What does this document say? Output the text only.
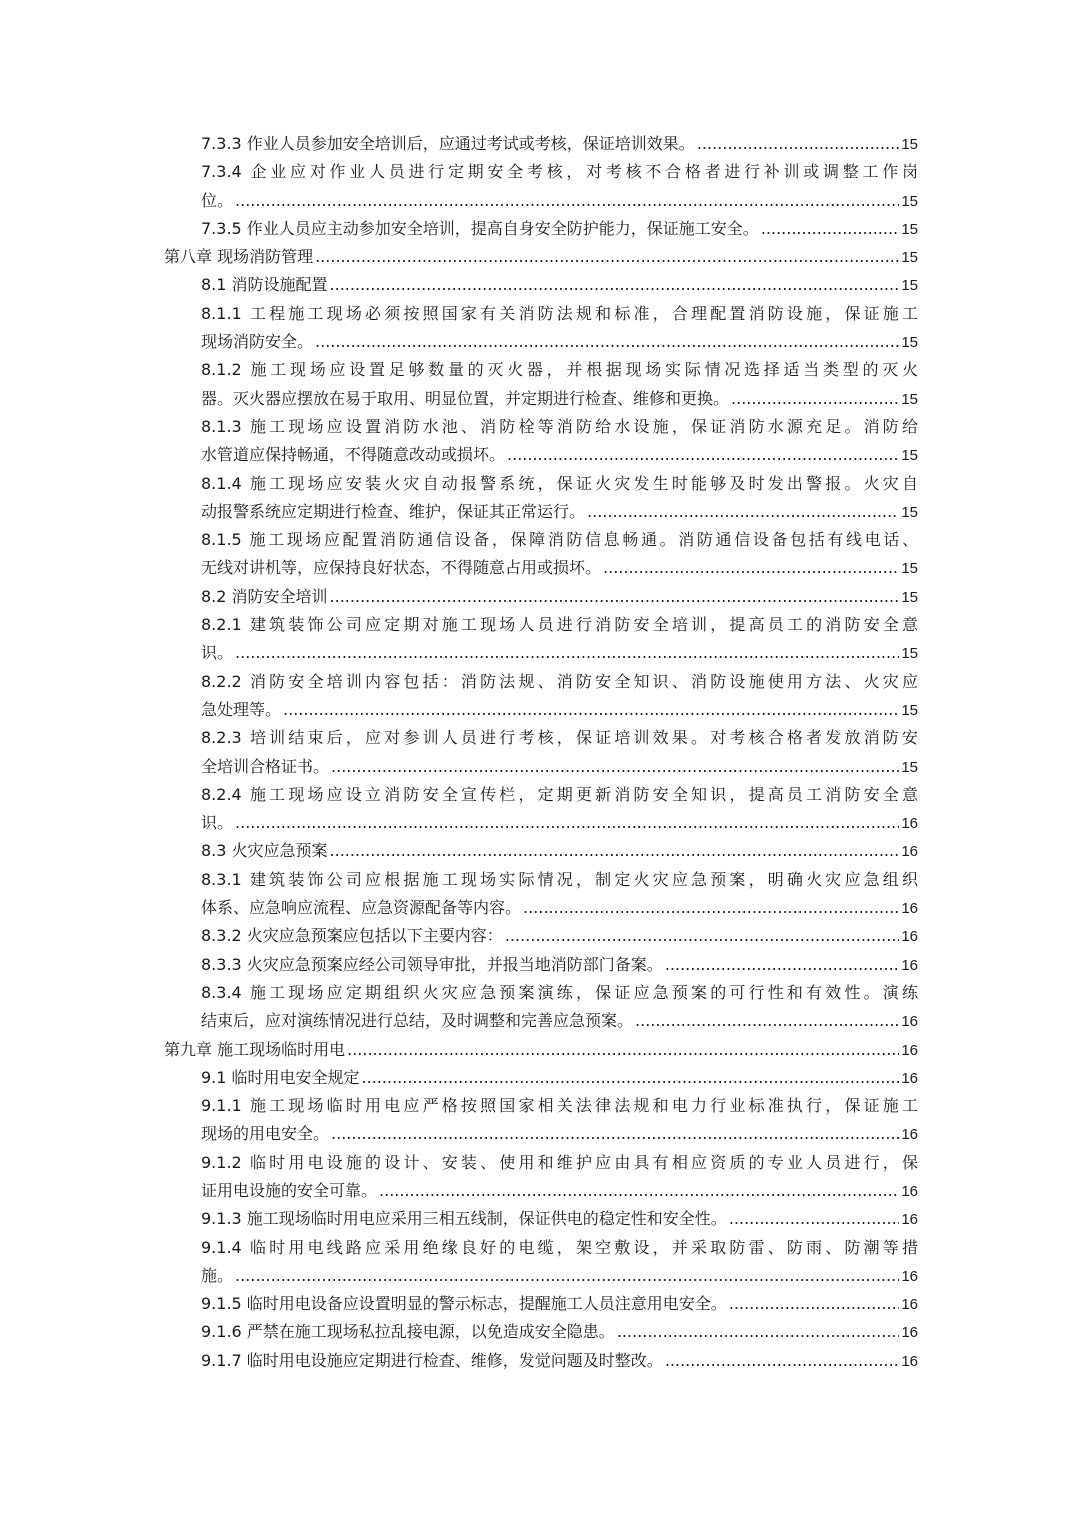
7.3.3 作业人员参加安全培训后，应通过考试或考核，保证培训效果。 .....	15
7.3.4 企业应对作业人员进行定期安全考核，对考核不合格者进行补训或调整工作岗
位。 .....	15
7.3.5 作业人员应主动参加安全培训，提高自身安全防护能力，保证施工安全。 .....	15
第八章 现场消防管理 .....	15
8.1 消防设施配置 .....	15
8.1.1 工程施工现场必须按照国家有关消防法规和标准，合理配置消防设施，保证施工
现场消防安全。 .....	15
8.1.2 施工现场应设置足够数量的灭火器，并根据现场实际情况选择适当类型的灭火
器。灭火器应摆放在易于取用、明显位置，并定期进行检查、维修和更换。 .....	15
8.1.3 施工现场应设置消防水池、消防栓等消防给水设施，保证消防水源充足。消防给
水管道应保持畅通，不得随意改动或损坏。 .....	15
8.1.4 施工现场应安装火灾自动报警系统，保证火灾发生时能够及时发出警报。火灾自
动报警系统应定期进行检查、维护，保证其正常运行。 .....	15
8.1.5 施工现场应配置消防通信设备，保障消防信息畅通。消防通信设备包括有线电话、
无线对讲机等，应保持良好状态，不得随意占用或损坏。 .....	15
8.2 消防安全培训 .....	15
8.2.1 建筑装饰公司应定期对施工现场人员进行消防安全培训，提高员工的消防安全意
识。 .....	15
8.2.2 消防安全培训内容包括：消防法规、消防安全知识、消防设施使用方法、火灾应
急处理等。 .....	15
8.2.3 培训结束后，应对参训人员进行考核，保证培训效果。对考核合格者发放消防安
全培训合格证书。 .....	15
8.2.4 施工现场应设立消防安全宣传栏，定期更新消防安全知识，提高员工消防安全意
识。 .....	16
8.3 火灾应急预案 .....	16
8.3.1 建筑装饰公司应根据施工现场实际情况，制定火灾应急预案，明确火灾应急组织
体系、应急响应流程、应急资源配备等内容。 .....	16
8.3.2 火灾应急预案应包括以下主要内容： .....	16
8.3.3 火灾应急预案应经公司领导审批，并报当地消防部门备案。 .....	16
8.3.4 施工现场应定期组织火灾应急预案演练，保证应急预案的可行性和有效性。演练
结束后，应对演练情况进行总结，及时调整和完善应急预案。 .....	16
第九章 施工现场临时用电 .....	16
9.1 临时用电安全规定 .....	16
9.1.1 施工现场临时用电应严格按照国家相关法律法规和电力行业标准执行，保证施工
现场的用电安全。 .....	16
9.1.2 临时用电设施的设计、安装、使用和维护应由具有相应资质的专业人员进行，保
证用电设施的安全可靠。 .....	16
9.1.3 施工现场临时用电应采用三相五线制，保证供电的稳定性和安全性。 .....	16
9.1.4 临时用电线路应采用绝缘良好的电缆，架空敷设，并采取防雷、防雨、防潮等措
施。 .....	16
9.1.5 临时用电设备应设置明显的警示标志，提醒施工人员注意用电安全。 .....	16
9.1.6 严禁在施工现场私拉乱接电源，以免造成安全隐患。 .....	16
9.1.7 临时用电设施应定期进行检查、维修，发觉问题及时整改。 .....	16
